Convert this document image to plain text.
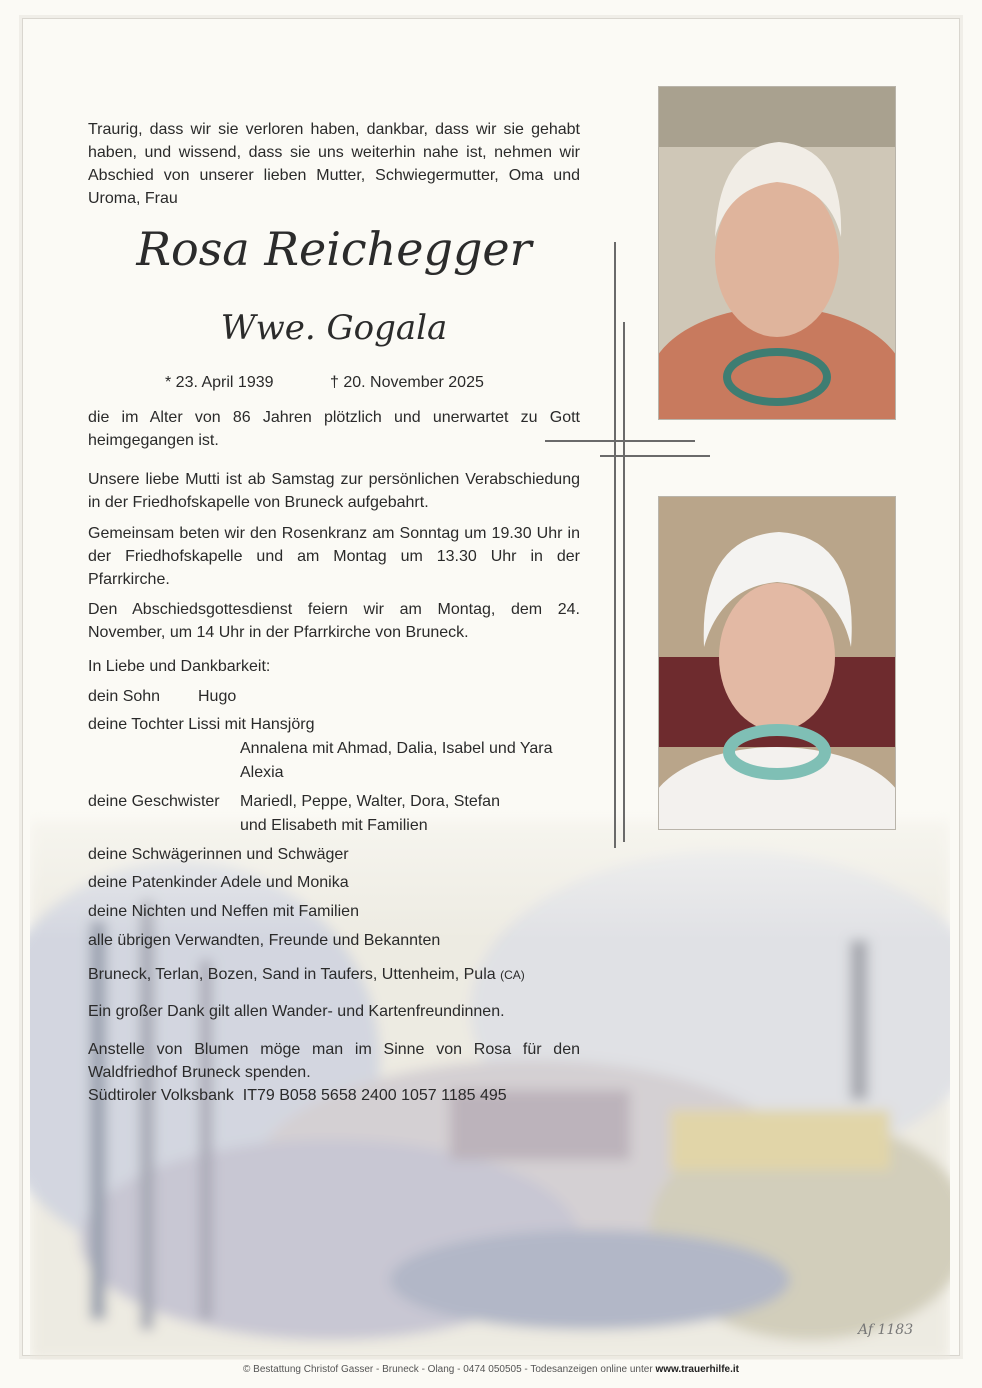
Af 1183

Traurig, dass wir sie verloren haben, dankbar, dass wir sie gehabt haben, und wissend, dass sie uns weiterhin nahe ist, nehmen wir Abschied von unserer lieben Mutter, Schwiegermutter, Oma und Uroma, Frau

Rosa Reichegger
Wwe. Gogala
* 23. April 1939	† 20. November 2025

die im Alter von 86 Jahren plötzlich und unerwartet zu Gott heimgegangen ist.

Unsere liebe Mutti ist ab Samstag zur persönlichen Verabschiedung in der Friedhofskapelle von Bruneck aufgebahrt.

Gemeinsam beten wir den Rosenkranz am Sonntag um 19.30 Uhr in der Friedhofskapelle und am Montag um 13.30 Uhr in der Pfarrkirche.

Den Abschiedsgottesdienst feiern wir am Montag, dem 24. November, um 14 Uhr in der Pfarrkirche von Bruneck.

In Liebe und Dankbarkeit:
dein Sohn Hugo
deine Tochter Lissi mit Hansjörg
Annalena mit Ahmad, Dalia, Isabel und Yara
Alexia
deine Geschwister Mariedl, Peppe, Walter, Dora, Stefan
und Elisabeth mit Familien
deine Schwägerinnen und Schwäger
deine Patenkinder Adele und Monika
deine Nichten und Neffen mit Familien
alle übrigen Verwandten, Freunde und Bekannten
Bruneck, Terlan, Bozen, Sand in Taufers, Uttenheim, Pula (CA)
Ein großer Dank gilt allen Wander- und Kartenfreundinnen.

Anstelle von Blumen möge man im Sinne von Rosa für den Waldfriedhof Bruneck spenden.

Südtiroler Volksbank  IT79 B058 5658 2400 1057 1185 495
© Bestattung Christof Gasser - Bruneck - Olang - 0474 050505 - Todesanzeigen online unter www.trauerhilfe.it
